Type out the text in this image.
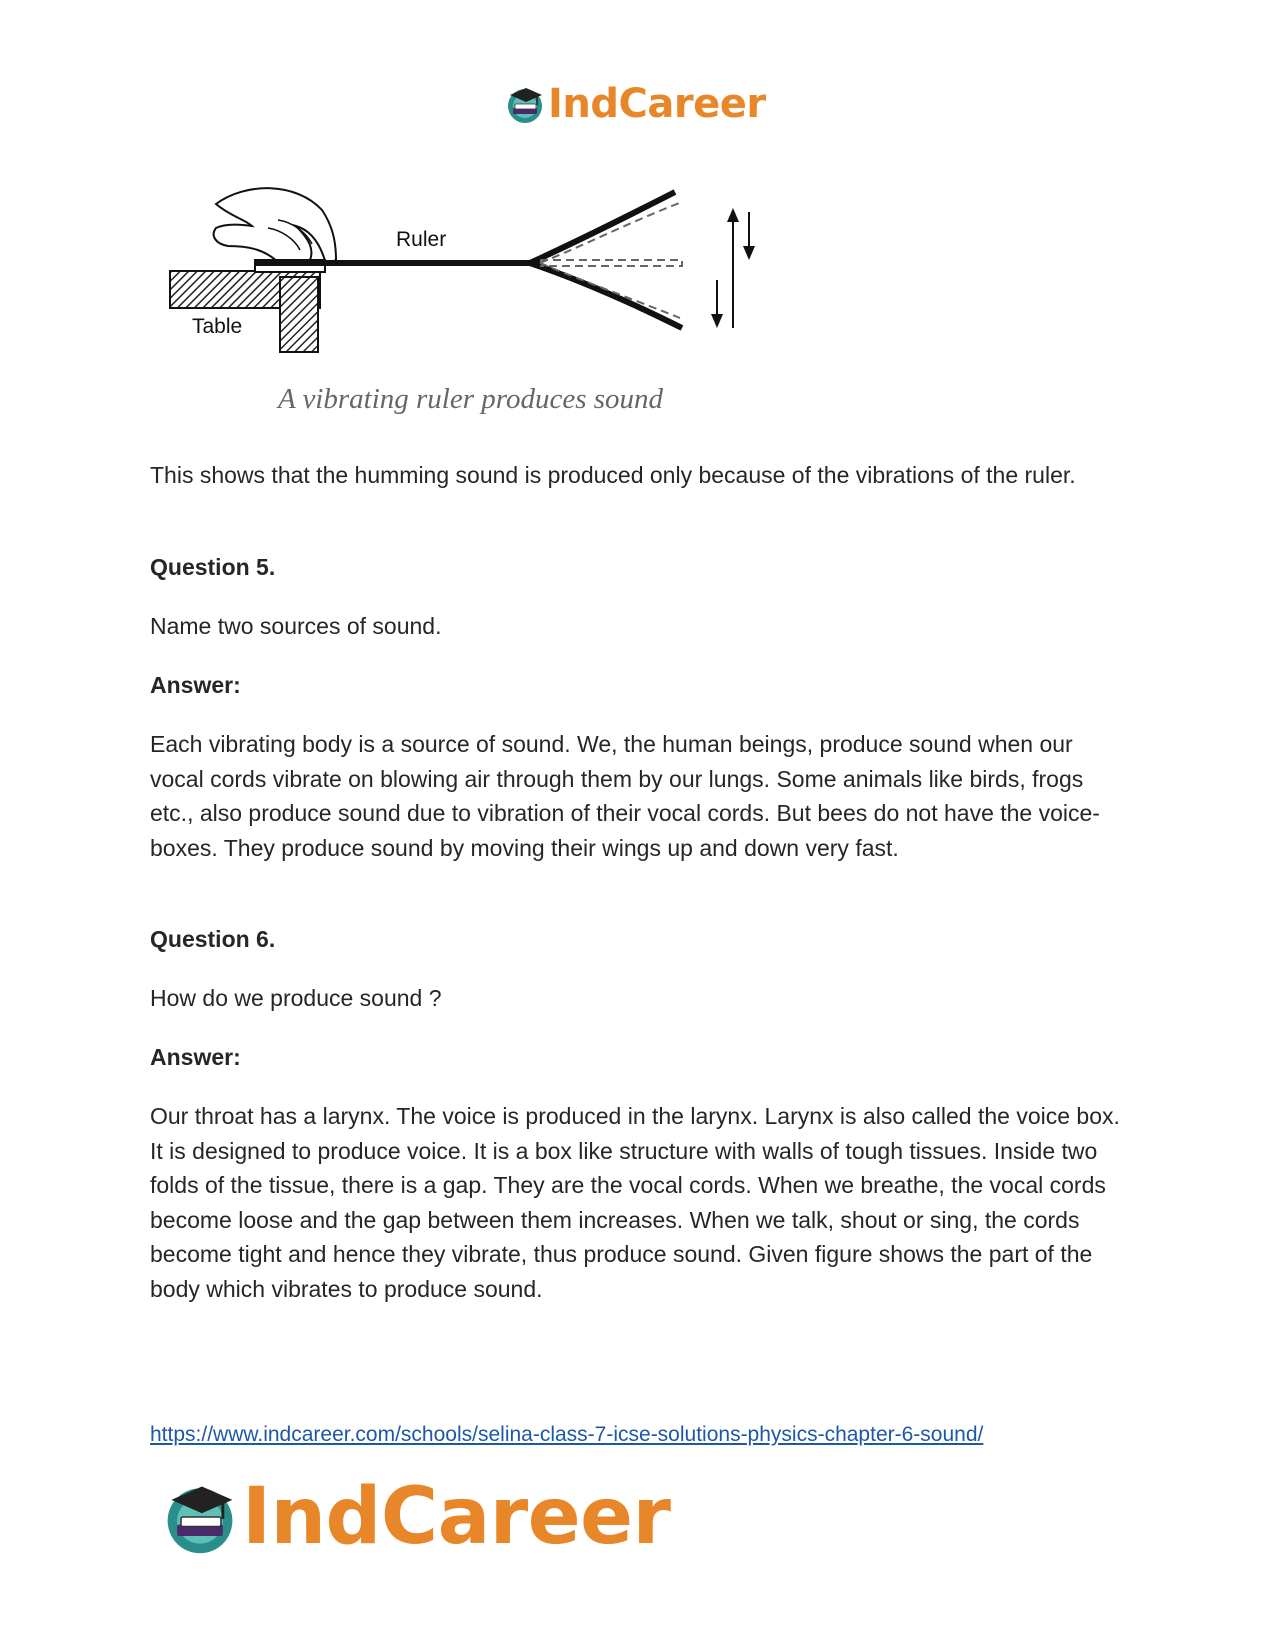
IndCareer
Ruler
Table
A vibrating ruler produces sound

This shows that the humming sound is produced only because of the vibrations of the ruler.

Question 5.

Name two sources of sound.

Answer:

Each vibrating body is a source of sound. We, the human beings, produce sound when our vocal cords vibrate on blowing air through them by our lungs. Some animals like birds, frogs etc., also produce sound due to vibration of their vocal cords. But bees do not have the voice-boxes. They produce sound by moving their wings up and down very fast.

Question 6.

How do we produce sound ?

Answer:

Our throat has a larynx. The voice is produced in the larynx. Larynx is also called the voice box. It is designed to produce voice. It is a box like structure with walls of tough tissues. Inside two folds of the tissue, there is a gap. They are the vocal cords. When we breathe, the vocal cords become loose and the gap between them increases. When we talk, shout or sing, the cords become tight and hence they vibrate, thus produce sound. Given figure shows the part of the body which vibrates to produce sound.

https://www.indcareer.com/schools/selina-class-7-icse-solutions-physics-chapter-6-sound/
IndCareer
